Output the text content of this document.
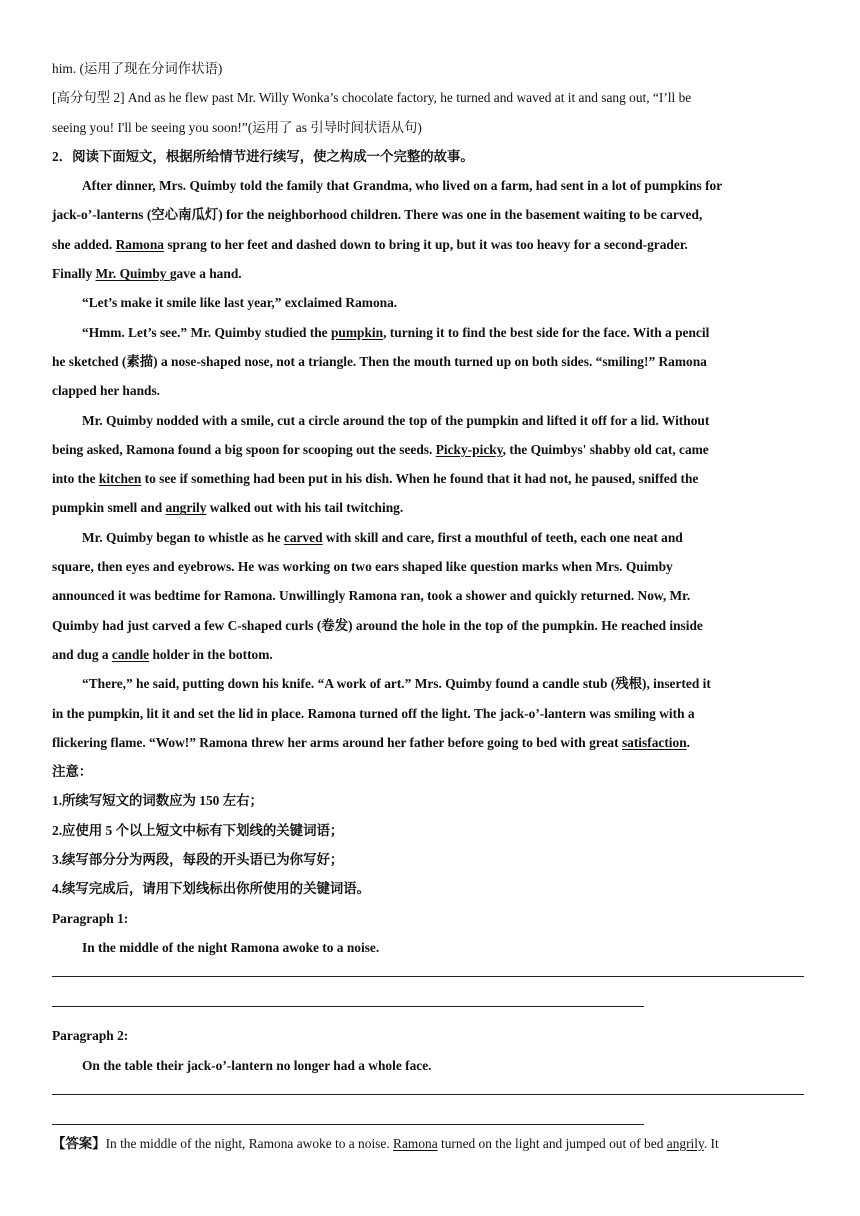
him. (运用了现在分词作状语)
[高分句型 2] And as he flew past Mr. Willy Wonka’s chocolate factory, he turned and waved at it and sang out, “I’ll be
seeing you! I'll be seeing you soon!”(运用了 as 引导时间状语从句)
2．阅读下面短文，根据所给情节进行续写，使之构成一个完整的故事。
After dinner, Mrs. Quimby told the family that Grandma, who lived on a farm, had sent in a lot of pumpkins for
jack-o’-lanterns (空心南瓜灯) for the neighborhood children. There was one in the basement waiting to be carved,
she added. Ramona sprang to her feet and dashed down to bring it up, but it was too heavy for a second-grader.
Finally Mr. Quimby gave a hand.
“Let’s make it smile like last year,” exclaimed Ramona.
“Hmm. Let’s see.” Mr. Quimby studied the pumpkin, turning it to find the best side for the face. With a pencil
he sketched (素描) a nose-shaped nose, not a triangle. Then the mouth turned up on both sides. “smiling!” Ramona
clapped her hands.
Mr. Quimby nodded with a smile, cut a circle around the top of the pumpkin and lifted it off for a lid. Without
being asked, Ramona found a big spoon for scooping out the seeds. Picky-picky, the Quimbys' shabby old cat, came
into the kitchen to see if something had been put in his dish. When he found that it had not, he paused, sniffed the
pumpkin smell and angrily walked out with his tail twitching.
Mr. Quimby began to whistle as he carved with skill and care, first a mouthful of teeth, each one neat and
square, then eyes and eyebrows. He was working on two ears shaped like question marks when Mrs. Quimby
announced it was bedtime for Ramona. Unwillingly Ramona ran, took a shower and quickly returned. Now, Mr.
Quimby had just carved a few C-shaped curls (卷发) around the hole in the top of the pumpkin. He reached inside
and dug a candle holder in the bottom.
“There,” he said, putting down his knife. “A work of art.” Mrs. Quimby found a candle stub (残根), inserted it
in the pumpkin, lit it and set the lid in place. Ramona turned off the light. The jack-o’-lantern was smiling with a
flickering flame. “Wow!” Ramona threw her arms around her father before going to bed with great satisfaction.
注意：
1.所续写短文的词数应为 150 左右；
2.应使用 5 个以上短文中标有下划线的关键词语；
3.续写部分分为两段，每段的开头语已为你写好；
4.续写完成后，请用下划线标出你所使用的关键词语。
Paragraph 1:
In the middle of the night Ramona awoke to a noise.
Paragraph 2:
On the table their jack-o’-lantern no longer had a whole face.
【答案】In the middle of the night, Ramona awoke to a noise. Ramona turned on the light and jumped out of bed angrily. It
